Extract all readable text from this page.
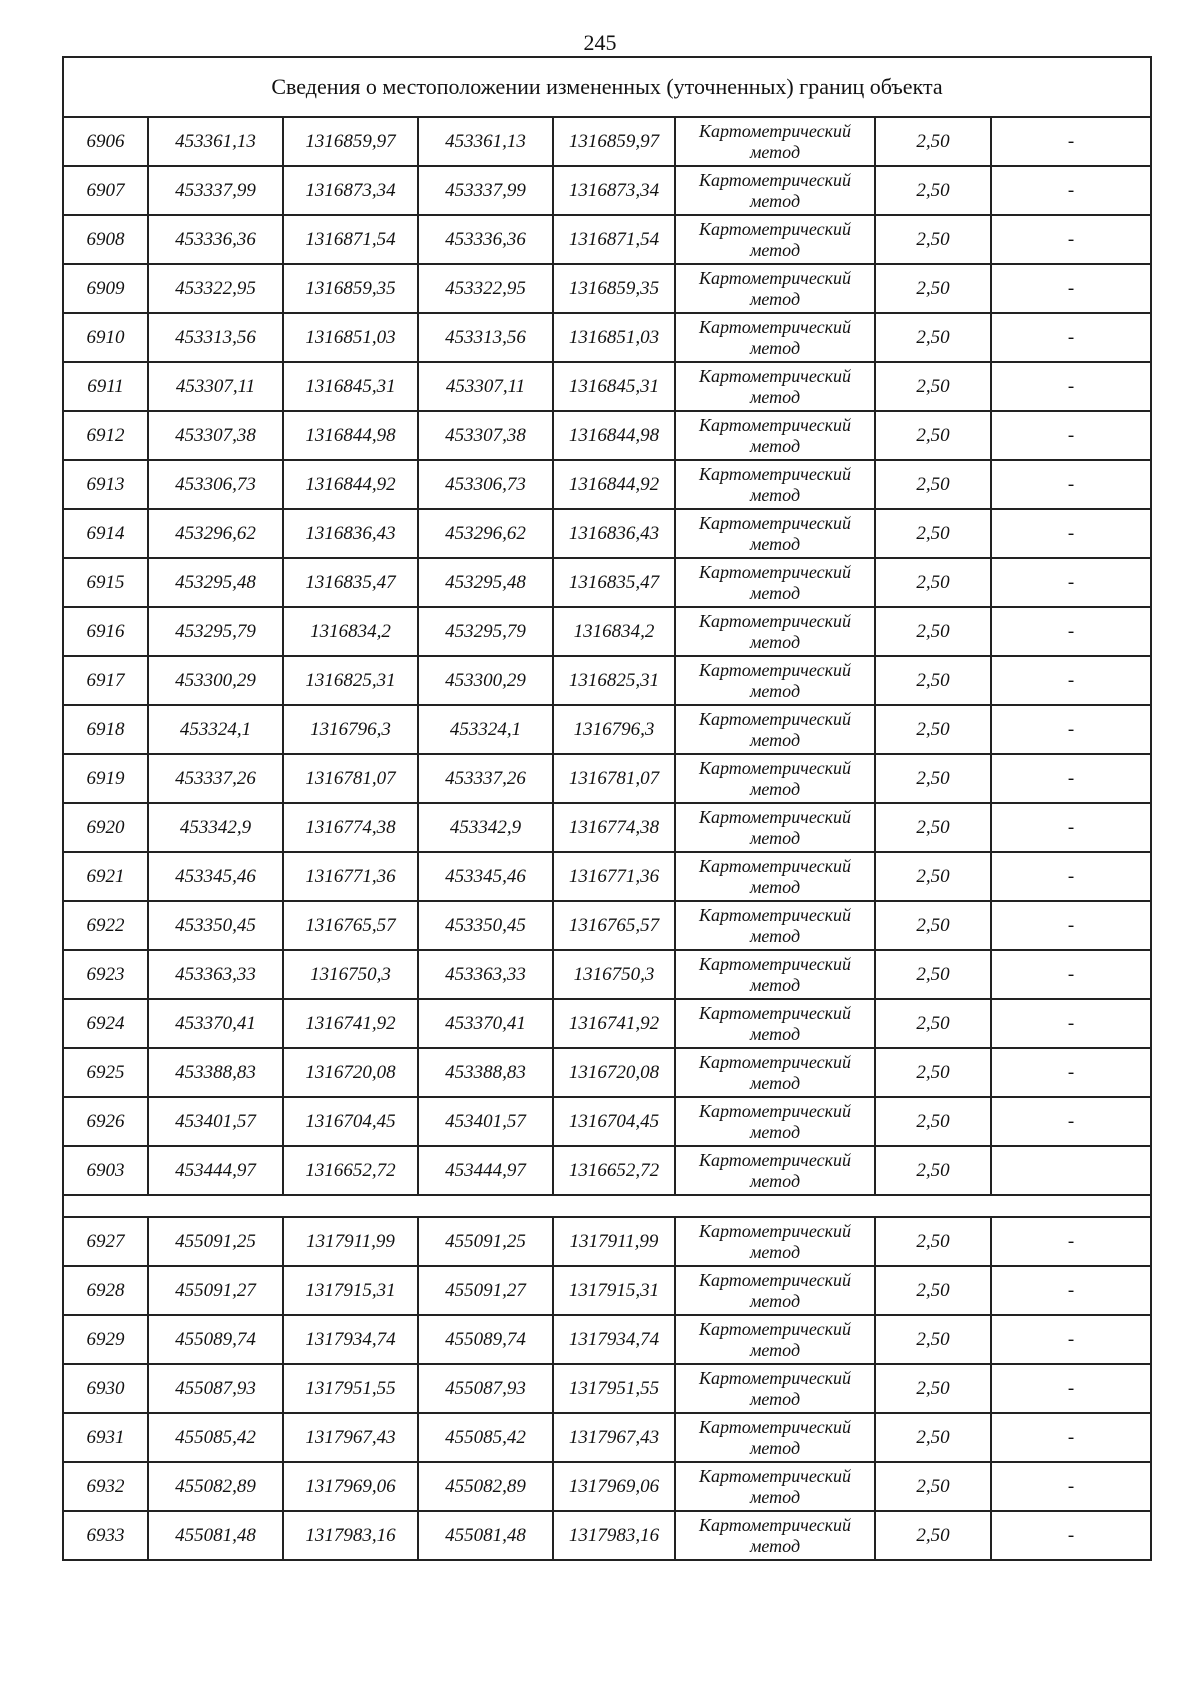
245
Сведения о местоположении измененных (уточненных) границ объекта							
6906	453361,13	1316859,97	453361,13	1316859,97	Картометрический
метод	2,50	-
6907	453337,99	1316873,34	453337,99	1316873,34	Картометрический
метод	2,50	-
6908	453336,36	1316871,54	453336,36	1316871,54	Картометрический
метод	2,50	-
6909	453322,95	1316859,35	453322,95	1316859,35	Картометрический
метод	2,50	-
6910	453313,56	1316851,03	453313,56	1316851,03	Картометрический
метод	2,50	-
6911	453307,11	1316845,31	453307,11	1316845,31	Картометрический
метод	2,50	-
6912	453307,38	1316844,98	453307,38	1316844,98	Картометрический
метод	2,50	-
6913	453306,73	1316844,92	453306,73	1316844,92	Картометрический
метод	2,50	-
6914	453296,62	1316836,43	453296,62	1316836,43	Картометрический
метод	2,50	-
6915	453295,48	1316835,47	453295,48	1316835,47	Картометрический
метод	2,50	-
6916	453295,79	1316834,2	453295,79	1316834,2	Картометрический
метод	2,50	-
6917	453300,29	1316825,31	453300,29	1316825,31	Картометрический
метод	2,50	-
6918	453324,1	1316796,3	453324,1	1316796,3	Картометрический
метод	2,50	-
6919	453337,26	1316781,07	453337,26	1316781,07	Картометрический
метод	2,50	-
6920	453342,9	1316774,38	453342,9	1316774,38	Картометрический
метод	2,50	-
6921	453345,46	1316771,36	453345,46	1316771,36	Картометрический
метод	2,50	-
6922	453350,45	1316765,57	453350,45	1316765,57	Картометрический
метод	2,50	-
6923	453363,33	1316750,3	453363,33	1316750,3	Картометрический
метод	2,50	-
6924	453370,41	1316741,92	453370,41	1316741,92	Картометрический
метод	2,50	-
6925	453388,83	1316720,08	453388,83	1316720,08	Картометрический
метод	2,50	-
6926	453401,57	1316704,45	453401,57	1316704,45	Картометрический
метод	2,50	-
6903	453444,97	1316652,72	453444,97	1316652,72	Картометрический
метод	2,50	

6927	455091,25	1317911,99	455091,25	1317911,99	Картометрический
метод	2,50	-
6928	455091,27	1317915,31	455091,27	1317915,31	Картометрический
метод	2,50	-
6929	455089,74	1317934,74	455089,74	1317934,74	Картометрический
метод	2,50	-
6930	455087,93	1317951,55	455087,93	1317951,55	Картометрический
метод	2,50	-
6931	455085,42	1317967,43	455085,42	1317967,43	Картометрический
метод	2,50	-
6932	455082,89	1317969,06	455082,89	1317969,06	Картометрический
метод	2,50	-
6933	455081,48	1317983,16	455081,48	1317983,16	Картометрический
метод	2,50	-
